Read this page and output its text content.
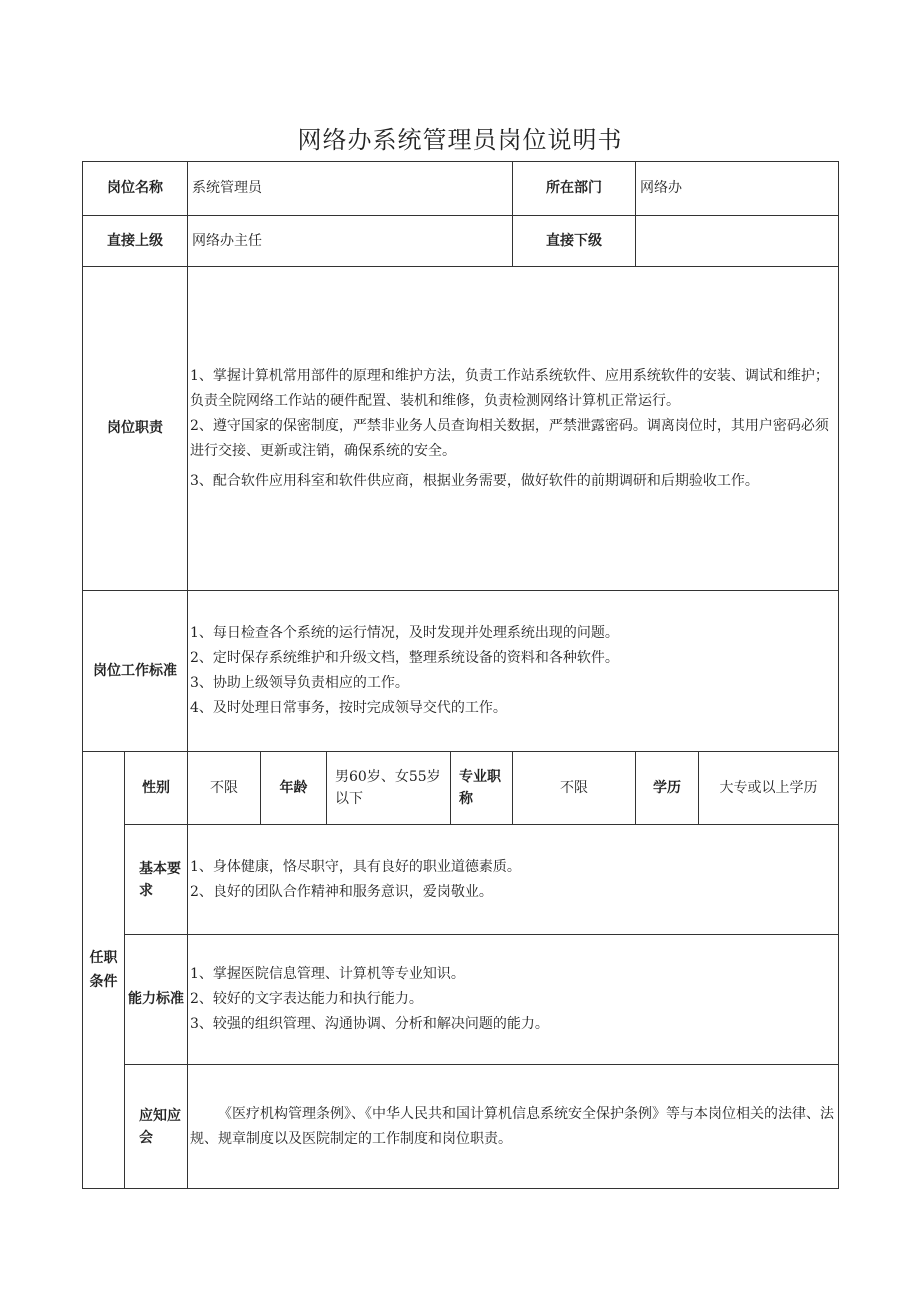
网络办系统管理员岗位说明书
岗位名称		系统管理员				所在部门	网络办	
直接上级		网络办主任				直接下级		
岗位职责		1、掌握计算机常用部件的原理和维护方法，负责工作站系统软件、应用系统软件的安装、调试和维护；负责全院网络工作站的硬件配置、装机和维修，负责检测网络计算机正常运行。

2、遵守国家的保密制度，严禁非业务人员查询相关数据，严禁泄露密码。调离岗位时，其用户密码必须进行交接、更新或注销，确保系统的安全。

3、配合软件应用科室和软件供应商，根据业务需要，做好软件的前期调研和后期验收工作。						

岗位工作标准		1、每日检查各个系统的运行情况，及时发现并处理系统出现的问题。

2、定时保存系统维护和升级文档，整理系统设备的资料和各种软件。

3、协助上级领导负责相应的工作。

4、及时处理日常事务，按时完成领导交代的工作。						

任职
条件	性别	不限	年龄	男60岁、女55岁以下	专业职称	不限	学历	大专或以上学历
	基本要求	1、身体健康，恪尽职守，具有良好的职业道德素质。

2、良好的团队合作精神和服务意识，爱岗敬业。						

	能力标准	1、掌握医院信息管理、计算机等专业知识。

2、较好的文字表达能力和执行能力。

3、较强的组织管理、沟通协调、分析和解决问题的能力。						

	应知应会	《医疗机构管理条例》、《中华人民共和国计算机信息系统安全保护条例》等与本岗位相关的法律、法规、规章制度以及医院制定的工作制度和岗位职责。						
